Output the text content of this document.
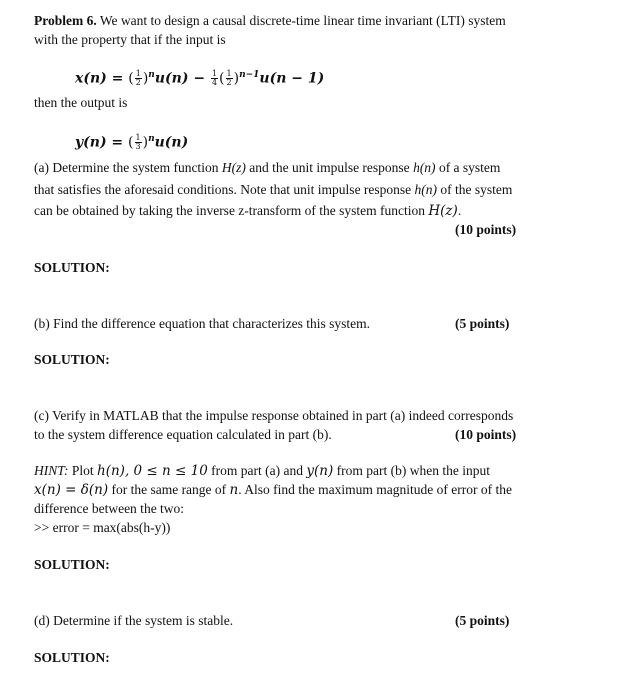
Problem 6. We want to design a causal discrete-time linear time invariant (LTI) system
with the property that if the input is
x(n) = ( $\frac{1}{2} )^nu(n) - \frac{1}{4}$ ( $\frac{1}{2} )^{n-1}u(n - 1)$
then the output is
y(n) = ( $\frac{1}{3} )^nu(n)$
(a) Determine the system function H(z) and the unit impulse response h(n) of a system
that satisfies the aforesaid conditions. Note that unit impulse response h(n) of the system
can be obtained by taking the inverse z-transform of the system function H(z).
(10 points)
SOLUTION:
(b) Find the difference equation that characterizes this system.	(5 points)
SOLUTION:
(c) Verify in MATLAB that the impulse response obtained in part (a) indeed corresponds
to the system difference equation calculated in part (b).	(10 points)
HINT: Plot h(n), 0 ≤ n ≤ 10 from part (a) and y(n) from part (b) when the input
x(n) = δ(n) for the same range of n. Also find the maximum magnitude of error of the
difference between the two:
>> error = max(abs(h-y))
SOLUTION:
(d) Determine if the system is stable.	(5 points)
SOLUTION:
